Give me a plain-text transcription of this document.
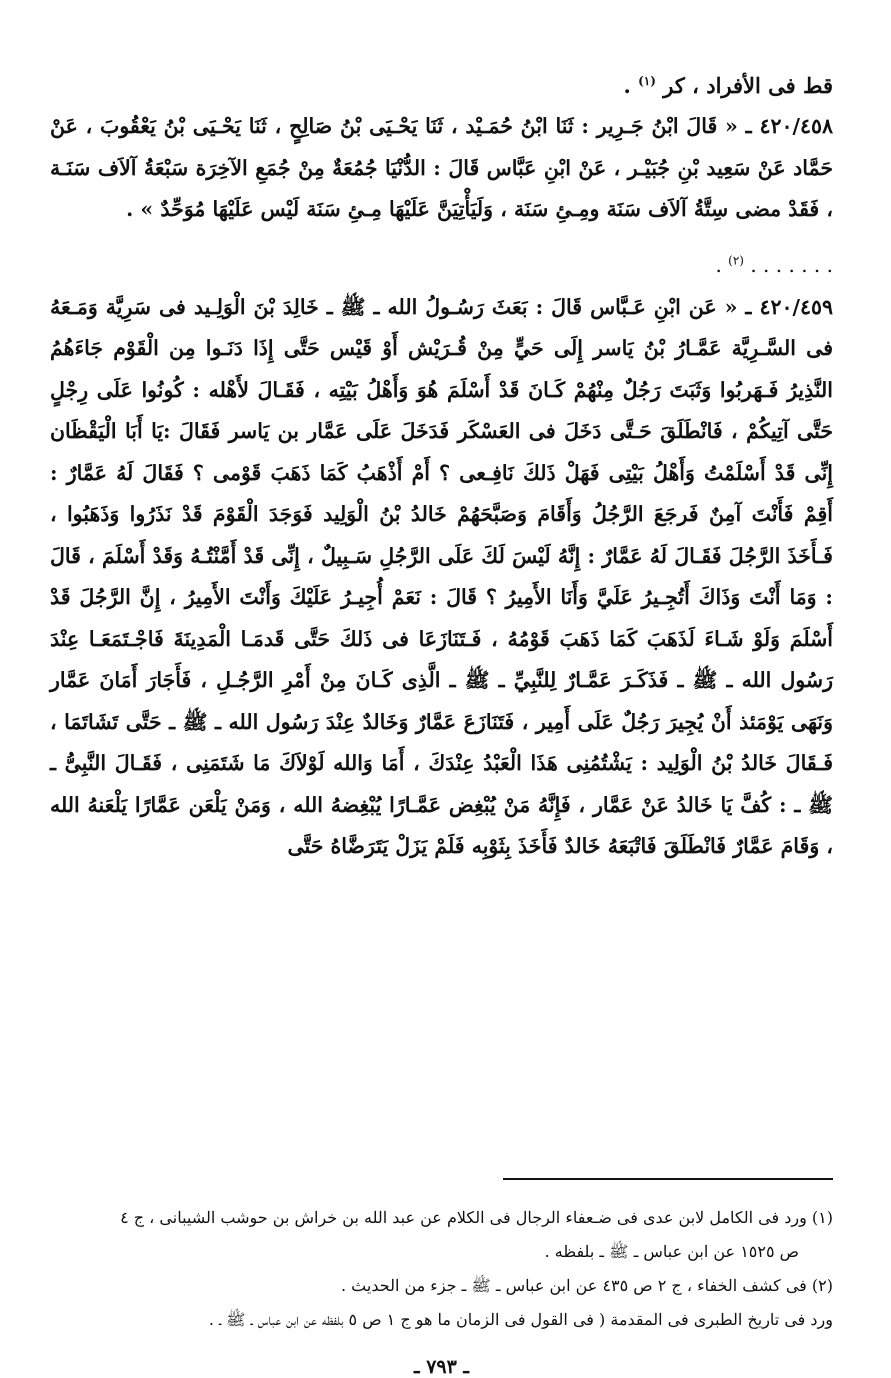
قط فى الأفراد ، كر $^{(١)}$ .

٤٢٠/٤٥٨ ـ « قَالَ ابْنُ جَـرِير : ثَنَا ابْنُ حُمَـيْد ، ثَنَا يَحْـيَى بْنُ صَالِحٍ ، ثَنَا يَحْـيَى بْنُ يَعْقُوبَ ، عَنْ حَمَّاد عَنْ سَعِيد بْنِ جُبَيْـر ، عَنْ ابْنِ عَبَّاس قَالَ : الدُّنْيَا جُمُعَةٌ مِنْ جُمَعِ الآخِرَة سَبْعَةُ آلاَف سَنَـة ، فَقَدْ مضى سِتَّةُ آلاَف سَنَة ومِـئِ سَنَة ، وَلَيَأْتِيَنَّ عَلَيْهَا مِـئِ سَنَة لَيْس عَلَيْهَا مُوَحِّدٌ » .

. . . . . . . $^{(٢)}$ .

٤٢٠/٤٥٩ ـ « عَن ابْنِ عَـبَّاس قَالَ : بَعَثَ رَسُـولُ الله ـ ﷺ ـ خَالِدَ بْنَ الْوَلِـيد فى سَرِيَّة وَمَـعَهُ فى السَّـرِيَّة عَمَّـارُ بْنُ يَاسر إِلَى حَيٍّ مِنْ قُـرَيْش أَوْ قَيْس حَتَّى إِذَا دَنَـوا مِن الْقَوْم جَاءَهُمُ النَّذِيرُ فَـهَربُوا وَثَبَتَ رَجُلٌ مِنْهُمْ كَـانَ قَدْ أَسْلَمَ هُوَ وَأَهْلُ بَيْتِه ، فَقَـالَ لأَهْله : كُونُوا عَلَى رِجْلٍ حَتَّى آتِيكُمْ ، فَانْطَلَقَ حَـتَّى دَخَلَ فى العَسْكَر فَدَخَلَ عَلَى عَمَّار بن يَاسر فَقَالَ :يَا أَبَا الْيَقْظَان إِنِّى قَدْ أَسْلَمْتُ وَأَهْلُ بَيْتِى فَهَلْ ذَلكَ نَافِـعى ؟ أَمْ أَذْهَبُ كَمَا ذَهَبَ قَوْمى ؟ فَقَالَ لَهُ عَمَّارٌ : أَقِمْ فَأَنْتَ آمِنٌ فَرجَعَ الرَّجُلُ وَأَقَامَ وَصَبَّحَهُمْ خَالدُ بْنُ الْوَلِيد فَوَجَدَ الْقَوْمَ قَدْ نَذَرُوا وَذَهَبُوا ، فَـأَخَذَ الرَّجُلَ فَقَـالَ لَهُ عَمَّارٌ : إِنَّهُ لَيْسَ لَكَ عَلَى الرَّجُلِ سَـبِيلٌ ، إِنِّى قَدْ أَمَّنْتُـهُ وَقَدْ أَسْلَمَ ، قَالَ : وَمَا أَنْتَ وَذَاكَ أَتُجِـيرُ عَلَيَّ وَأَنَا الأَمِيرُ ؟ قَالَ : نَعَمْ أُجِيـرُ عَلَيْكَ وَأَنْتَ الأَمِيرُ ، إِنَّ الرَّجُلَ قَدْ أَسْلَمَ وَلَوْ شَـاءَ لَذَهَبَ كَمَا ذَهَبَ قَوْمُهُ ، فَـتَنَازَعَا فى ذَلكَ حَتَّى قَدمَـا الْمَدِينَةَ فَاجْـتَمَعَـا عِنْدَ رَسُول الله ـ ﷺ ـ فَذَكَـرَ عَمَّـارٌ لِلنَّبِيِّ ـ ﷺ ـ الَّذِى كَـانَ مِنْ أَمْرِ الرَّجُـلِ ، فَأَجَارَ أَمَانَ عَمَّار وَنَهَى يَوْمَئذ أَنْ يُجِيرَ رَجُلٌ عَلَى أَمِير ، فَتَنَازَعَ عَمَّارٌ وَخَالدٌ عِنْدَ رَسُول الله ـ ﷺ ـ حَتَّى تَشَاتَمَا ، فَـقَالَ خَالدُ بْنُ الْوَلِيد : يَشْتُمُنِى هَذَا الْعَبْدُ عِنْدَكَ ، أَمَا وَالله لَوْلاَكَ مَا شَتَمَنِى ، فَقَـالَ النَّبِىُّ ـ ﷺ ـ : كُفَّ يَا خَالدُ عَنْ عَمَّار ، فَإِنَّهُ مَنْ يُبْغِض عَمَّـارًا يُبْغِضهُ الله ، وَمَنْ يَلْعَن عَمَّارًا يَلْعَنهُ الله ، وَقَامَ عَمَّارٌ فَانْطَلَقَ فَاتْبَعَهُ خَالدٌ فَأَخَذَ بِثَوْبِه فَلَمْ يَزَلْ يَتَرَضَّاهُ حَتَّى

(١) ورد فى الكامل لابن عدى فى ضـعفاء الرجال فى الكلام عن عبد الله بن خراش بن حوشب الشيبانى ، ج ٤

ص ١٥٢٥ عن ابن عباس ـ ﷺ ـ بلفظه .

(٢) فى كشف الخفاء ، ج ٢ ص ٤٣٥ عن ابن عباس ـ ﷺ ـ جزء من الحديث .

ورد فى تاريخ الطبرى فى المقدمة ( فى القول فى الزمان ما هو ج ١ ص ٥ بلفظه عن ابن عباس ـ ﷺ ـ .

ـ ٧٩٣ ـ
